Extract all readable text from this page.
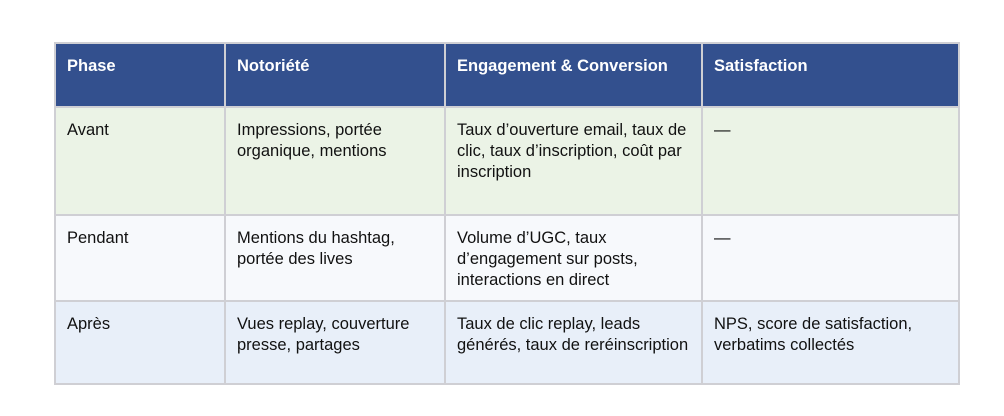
Phase	Notoriété	Engagement & Conversion	Satisfaction
Avant	Impressions, portée organique, mentions	Taux d’ouverture email, taux de clic, taux d’inscription, coût par inscription	—
Pendant	Mentions du hashtag, portée des lives	Volume d’UGC, taux d’engagement sur posts, interactions en direct	—
Après	Vues replay, couverture presse, partages	Taux de clic replay, leads générés, taux de reréinscription	NPS, score de satisfaction, verbatims collectés
